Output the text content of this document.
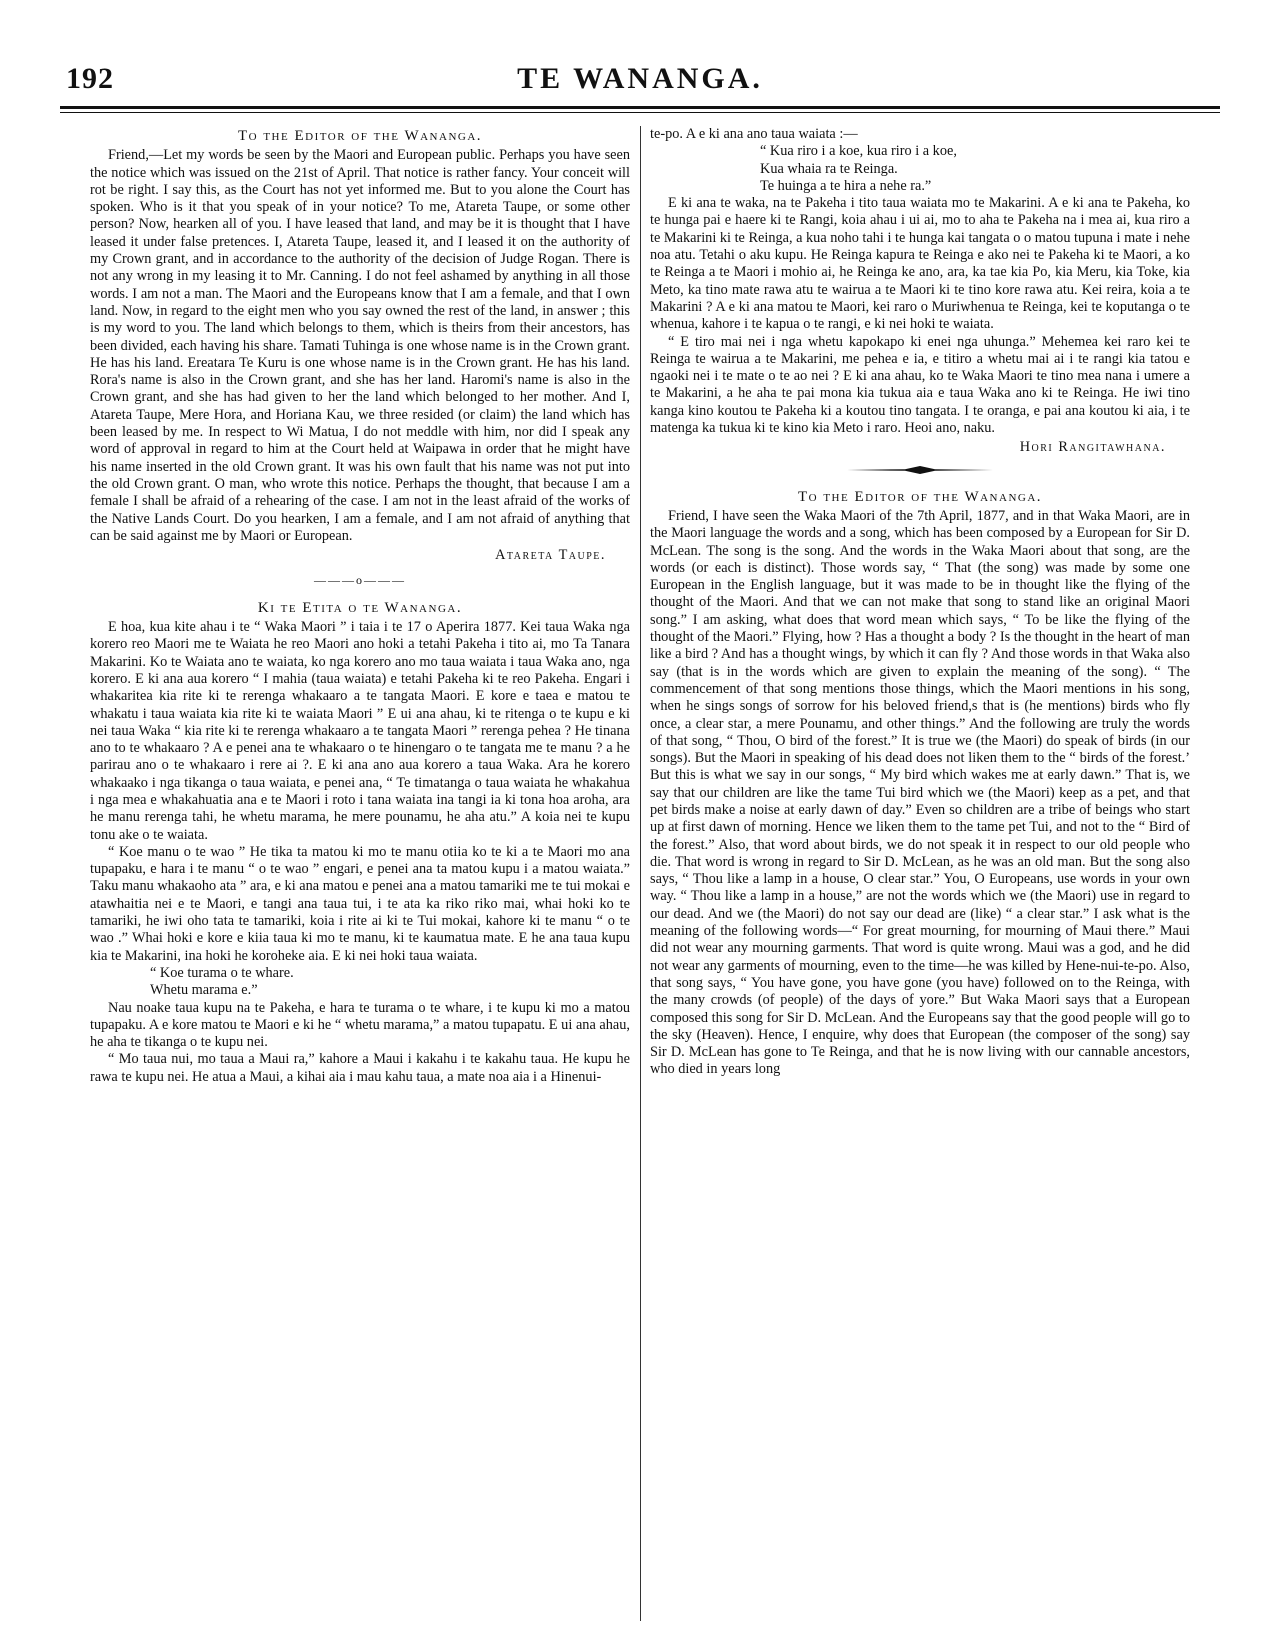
192	TE WANANGA.

To the Editor of the Wananga.

Friend,—Let my words be seen by the Maori and European public. Perhaps you have seen the notice which was issued on the 21st of April. That notice is rather fancy. Your conceit will rot be right. I say this, as the Court has not yet informed me. But to you alone the Court has spoken. Who is it that you speak of in your notice? To me, Atareta Taupe, or some other person? Now, hearken all of you. I have leased that land, and may be it is thought that I have leased it under false pretences. I, Atareta Taupe, leased it, and I leased it on the authority of my Crown grant, and in accordance to the authority of the decision of Judge Rogan. There is not any wrong in my leasing it to Mr. Canning. I do not feel ashamed by anything in all those words. I am not a man. The Maori and the Europeans know that I am a female, and that I own land. Now, in regard to the eight men who you say owned the rest of the land, in answer ; this is my word to you. The land which belongs to them, which is theirs from their ancestors, has been divided, each having his share. Tamati Tuhinga is one whose name is in the Crown grant. He has his land. Ereatara Te Kuru is one whose name is in the Crown grant. He has his land. Rora's name is also in the Crown grant, and she has her land. Haromi's name is also in the Crown grant, and she has had given to her the land which belonged to her mother. And I, Atareta Taupe, Mere Hora, and Horiana Kau, we three resided (or claim) the land which has been leased by me. In respect to Wi Matua, I do not meddle with him, nor did I speak any word of approval in regard to him at the Court held at Waipawa in order that he might have his name inserted in the old Crown grant. It was his own fault that his name was not put into the old Crown grant. O man, who wrote this notice. Perhaps the thought, that because I am a female I shall be afraid of a rehearing of the case. I am not in the least afraid of the works of the Native Lands Court. Do you hearken, I am a female, and I am not afraid of anything that can be said against me by Maori or European.

Atareta Taupe.

———o———

Ki te Etita o te Wananga.

E hoa, kua kite ahau i te “ Waka Maori ” i taia i te 17 o Aperira 1877. Kei taua Waka nga korero reo Maori me te Waiata he reo Maori ano hoki a tetahi Pakeha i tito ai, mo Ta Tanara Makarini. Ko te Waiata ano te waiata, ko nga korero ano mo taua waiata i taua Waka ano, nga korero. E ki ana aua korero “ I mahia (taua waiata) e tetahi Pakeha ki te reo Pakeha. Engari i whakaritea kia rite ki te rerenga whakaaro a te tangata Maori. E kore e taea e matou te whakatu i taua waiata kia rite ki te waiata Maori ” E ui ana ahau, ki te ritenga o te kupu e ki nei taua Waka “ kia rite ki te rerenga whakaaro a te tangata Maori ” rerenga pehea ? He tinana ano to te whakaaro ? A e penei ana te whakaaro o te hinengaro o te tangata me te manu ? a he parirau ano o te whakaaro i rere ai ?. E ki ana ano aua korero a taua Waka. Ara he korero whakaako i nga tikanga o taua waiata, e penei ana, “ Te timatanga o taua waiata he whakahua i nga mea e whakahuatia ana e te Maori i roto i tana waiata ina tangi ia ki tona hoa aroha, ara he manu rerenga tahi, he whetu marama, he mere pounamu, he aha atu.” A koia nei te kupu tonu ake o te waiata.

“ Koe manu o te wao ” He tika ta matou ki mo te manu otiia ko te ki a te Maori mo ana tupapaku, e hara i te manu “ o te wao ” engari, e penei ana ta matou kupu i a matou waiata.” Taku manu whakaoho ata ” ara, e ki ana matou e penei ana a matou tamariki me te tui mokai e atawhaitia nei e te Maori, e tangi ana taua tui, i te ata ka riko riko mai, whai hoki ko te tamariki, he iwi oho tata te tamariki, koia i rite ai ki te Tui mokai, kahore ki te manu “ o te wao .” Whai hoki e kore e kiia taua ki mo te manu, ki te kaumatua mate. E he ana taua kupu kia te Makarini, ina hoki he koroheke aia. E ki nei hoki taua waiata.

“ Koe turama o te whare.

Whetu marama e.”

Nau noake taua kupu na te Pakeha, e hara te turama o te whare, i te kupu ki mo a matou tupapaku. A e kore matou te Maori e ki he “ whetu marama,” a matou tupapatu. E ui ana ahau, he aha te tikanga o te kupu nei.

“ Mo taua nui, mo taua a Maui ra,” kahore a Maui i kakahu i te kakahu taua. He kupu he rawa te kupu nei. He atua a Maui, a kihai aia i mau kahu taua, a mate noa aia i a Hinenui-

te-po. A e ki ana ano taua waiata :—

“ Kua riro i a koe, kua riro i a koe,

Kua whaia ra te Reinga.

Te huinga a te hira a nehe ra.”

E ki ana te waka, na te Pakeha i tito taua waiata mo te Makarini. A e ki ana te Pakeha, ko te hunga pai e haere ki te Rangi, koia ahau i ui ai, mo to aha te Pakeha na i mea ai, kua riro a te Makarini ki te Reinga, a kua noho tahi i te hunga kai tangata o o matou tupuna i mate i nehe noa atu. Tetahi o aku kupu. He Reinga kapura te Reinga e ako nei te Pakeha ki te Maori, a ko te Reinga a te Maori i mohio ai, he Reinga ke ano, ara, ka tae kia Po, kia Meru, kia Toke, kia Meto, ka tino mate rawa atu te wairua a te Maori ki te tino kore rawa atu. Kei reira, koia a te Makarini ? A e ki ana matou te Maori, kei raro o Muriwhenua te Reinga, kei te koputanga o te whenua, kahore i te kapua o te rangi, e ki nei hoki te waiata.

“ E tiro mai nei i nga whetu kapokapo ki enei nga uhunga.” Mehemea kei raro kei te Reinga te wairua a te Makarini, me pehea e ia, e titiro a whetu mai ai i te rangi kia tatou e ngaoki nei i te mate o te ao nei ? E ki ana ahau, ko te Waka Maori te tino mea nana i umere a te Makarini, a he aha te pai mona kia tukua aia e taua Waka ano ki te Reinga. He iwi tino kanga kino koutou te Pakeha ki a koutou tino tangata. I te oranga, e pai ana koutou ki aia, i te matenga ka tukua ki te kino kia Meto i raro. Heoi ano, naku.

Hori Rangitawhana.

To the Editor of the Wananga.

Friend, I have seen the Waka Maori of the 7th April, 1877, and in that Waka Maori, are in the Maori language the words and a song, which has been composed by a European for Sir D. McLean. The song is the song. And the words in the Waka Maori about that song, are the words (or each is distinct). Those words say, “ That (the song) was made by some one European in the English language, but it was made to be in thought like the flying of the thought of the Maori. And that we can not make that song to stand like an original Maori song.” I am asking, what does that word mean which says, “ To be like the flying of the thought of the Maori.” Flying, how ? Has a thought a body ? Is the thought in the heart of man like a bird ? And has a thought wings, by which it can fly ? And those words in that Waka also say (that is in the words which are given to explain the meaning of the song). “ The commencement of that song mentions those things, which the Maori mentions in his song, when he sings songs of sorrow for his beloved friend,s that is (he mentions) birds who fly once, a clear star, a mere Pounamu, and other things.” And the following are truly the words of that song, “ Thou, O bird of the forest.” It is true we (the Maori) do speak of birds (in our songs). But the Maori in speaking of his dead does not liken them to the “ birds of the forest.’ But this is what we say in our songs, “ My bird which wakes me at early dawn.” That is, we say that our children are like the tame Tui bird which we (the Maori) keep as a pet, and that pet birds make a noise at early dawn of day.” Even so children are a tribe of beings who start up at first dawn of morning. Hence we liken them to the tame pet Tui, and not to the “ Bird of the forest.” Also, that word about birds, we do not speak it in respect to our old people who die. That word is wrong in regard to Sir D. McLean, as he was an old man. But the song also says, “ Thou like a lamp in a house, O clear star.” You, O Europeans, use words in your own way. “ Thou like a lamp in a house,” are not the words which we (the Maori) use in regard to our dead. And we (the Maori) do not say our dead are (like) “ a clear star.” I ask what is the meaning of the following words—“ For great mourning, for mourning of Maui there.” Maui did not wear any mourning garments. That word is quite wrong. Maui was a god, and he did not wear any garments of mourning, even to the time—he was killed by Hene-nui-te-po. Also, that song says, “ You have gone, you have gone (you have) followed on to the Reinga, with the many crowds (of people) of the days of yore.” But Waka Maori says that a European composed this song for Sir D. McLean. And the Europeans say that the good people will go to the sky (Heaven). Hence, I enquire, why does that European (the composer of the song) say Sir D. McLean has gone to Te Reinga, and that he is now living with our cannable ancestors, who died in years long
